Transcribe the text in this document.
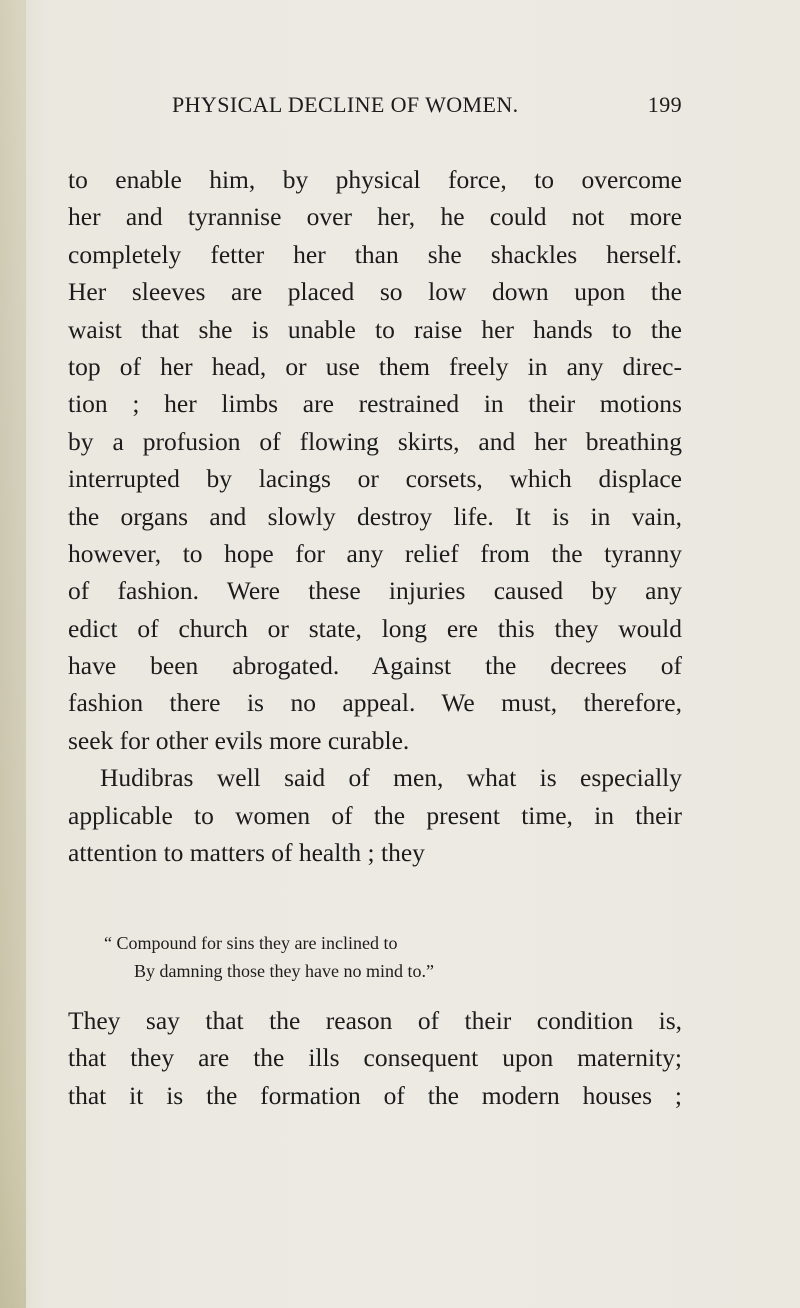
PHYSICAL DECLINE OF WOMEN.	199
to enable him, by physical force, to overcome
her and tyrannise over her, he could not more
completely fetter her than she shackles herself.
Her sleeves are placed so low down upon the
waist that she is unable to raise her hands to the
top of her head, or use them freely in any direc-
tion ; her limbs are restrained in their motions
by a profusion of flowing skirts, and her breathing
interrupted by lacings or corsets, which displace
the organs and slowly destroy life. It is in vain,
however, to hope for any relief from the tyranny
of fashion. Were these injuries caused by any
edict of church or state, long ere this they would
have been abrogated. Against the decrees of
fashion there is no appeal. We must, therefore,
seek for other evils more curable.
Hudibras well said of men, what is especially
applicable to women of the present time, in their
attention to matters of health ; they
“ Compound for sins they are inclined to
By damning those they have no mind to.”
They say that the reason of their condition is,
that they are the ills consequent upon maternity;
that it is the formation of the modern houses ;
